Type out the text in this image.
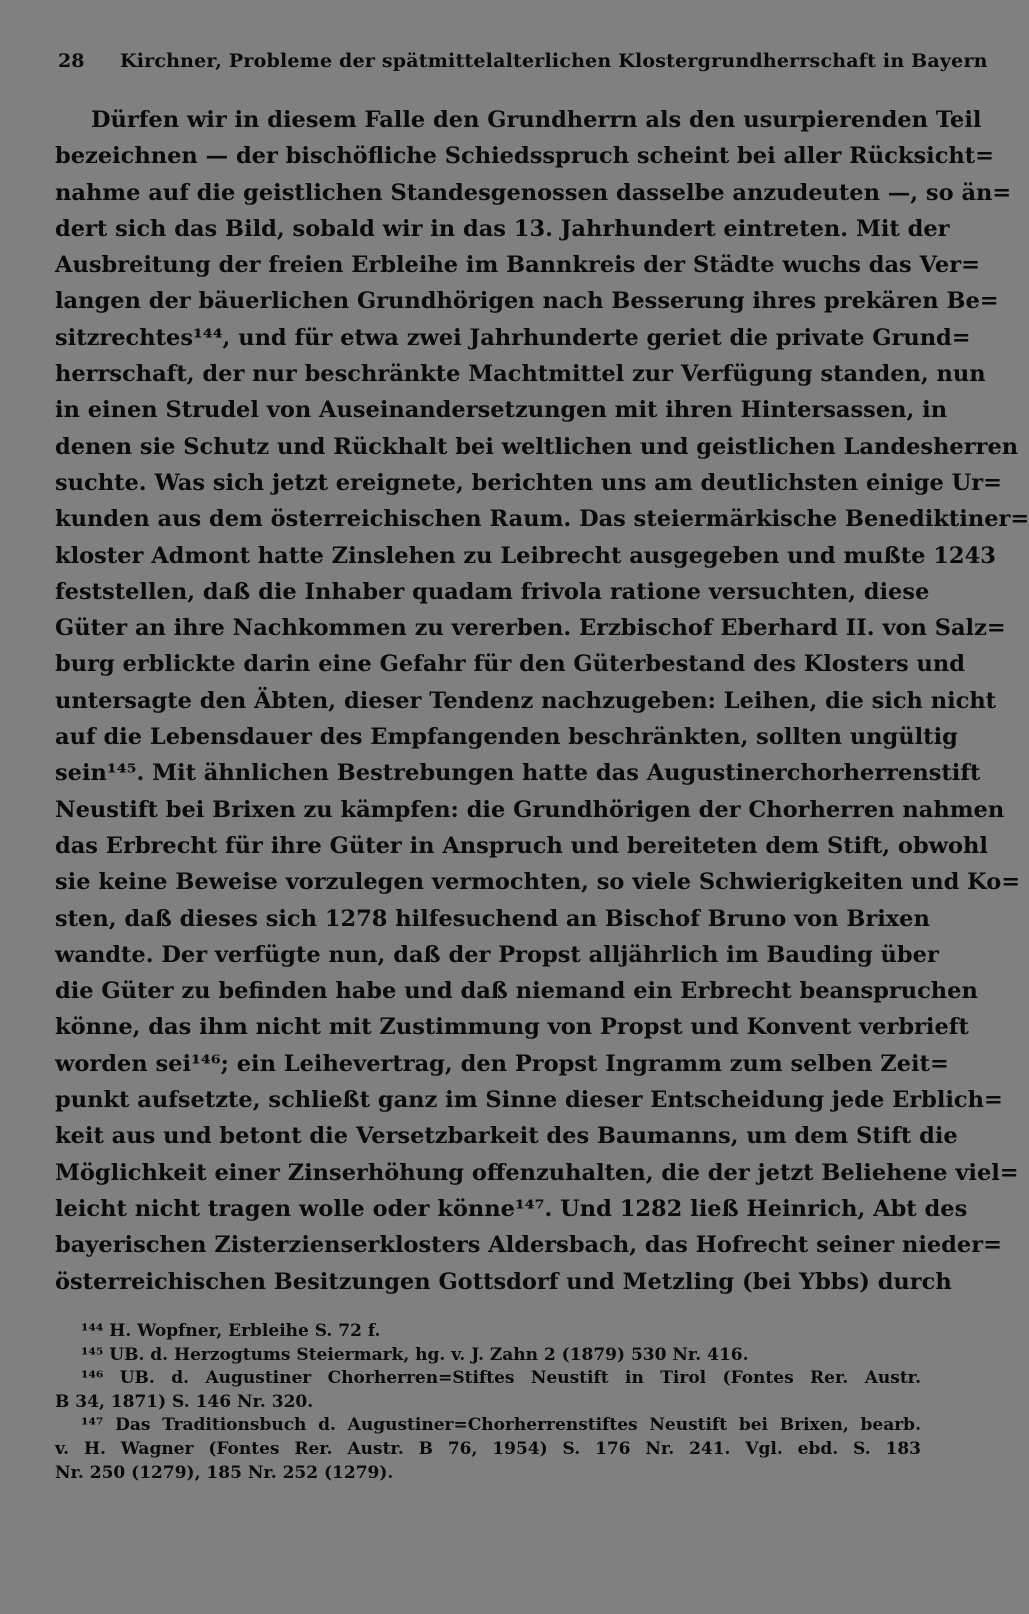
28 Kirchner, Probleme der spätmittelalterlichen Klostergrundherrschaft in Bayern
Dürfen wir in diesem Falle den Grundherrn als den usurpierenden Teil
bezeichnen — der bischöfliche Schiedsspruch scheint bei aller Rücksicht=
nahme auf die geistlichen Standesgenossen dasselbe anzudeuten —, so än=
dert sich das Bild, sobald wir in das 13. Jahrhundert eintreten. Mit der
Ausbreitung der freien Erbleihe im Bannkreis der Städte wuchs das Ver=
langen der bäuerlichen Grundhörigen nach Besserung ihres prekären Be=
sitzrechtes¹⁴⁴, und für etwa zwei Jahrhunderte geriet die private Grund=
herrschaft, der nur beschränkte Machtmittel zur Verfügung standen, nun
in einen Strudel von Auseinandersetzungen mit ihren Hintersassen, in
denen sie Schutz und Rückhalt bei weltlichen und geistlichen Landesherren
suchte. Was sich jetzt ereignete, berichten uns am deutlichsten einige Ur=
kunden aus dem österreichischen Raum. Das steiermärkische Benediktiner=
kloster Admont hatte Zinslehen zu Leibrecht ausgegeben und mußte 1243
feststellen, daß die Inhaber quadam frivola ratione versuchten, diese
Güter an ihre Nachkommen zu vererben. Erzbischof Eberhard II. von Salz=
burg erblickte darin eine Gefahr für den Güterbestand des Klosters und
untersagte den Äbten, dieser Tendenz nachzugeben: Leihen, die sich nicht
auf die Lebensdauer des Empfangenden beschränkten, sollten ungültig
sein¹⁴⁵. Mit ähnlichen Bestrebungen hatte das Augustinerchorherrenstift
Neustift bei Brixen zu kämpfen: die Grundhörigen der Chorherren nahmen
das Erbrecht für ihre Güter in Anspruch und bereiteten dem Stift, obwohl
sie keine Beweise vorzulegen vermochten, so viele Schwierigkeiten und Ko=
sten, daß dieses sich 1278 hilfesuchend an Bischof Bruno von Brixen
wandte. Der verfügte nun, daß der Propst alljährlich im Bauding über
die Güter zu befinden habe und daß niemand ein Erbrecht beanspruchen
könne, das ihm nicht mit Zustimmung von Propst und Konvent verbrieft
worden sei¹⁴⁶; ein Leihevertrag, den Propst Ingramm zum selben Zeit=
punkt aufsetzte, schließt ganz im Sinne dieser Entscheidung jede Erblich=
keit aus und betont die Versetzbarkeit des Baumanns, um dem Stift die
Möglichkeit einer Zinserhöhung offenzuhalten, die der jetzt Beliehene viel=
leicht nicht tragen wolle oder könne¹⁴⁷. Und 1282 ließ Heinrich, Abt des
bayerischen Zisterzienserklosters Aldersbach, das Hofrecht seiner nieder=
österreichischen Besitzungen Gottsdorf und Metzling (bei Ybbs) durch
¹⁴⁴ H. Wopfner, Erbleihe S. 72 f.
¹⁴⁵ UB. d. Herzogtums Steiermark, hg. v. J. Zahn 2 (1879) 530 Nr. 416.
¹⁴⁶ UB. d. Augustiner Chorherren=Stiftes Neustift in Tirol (Fontes Rer. Austr.
B 34, 1871) S. 146 Nr. 320.
¹⁴⁷ Das Traditionsbuch d. Augustiner=Chorherrenstiftes Neustift bei Brixen, bearb.
v. H. Wagner (Fontes Rer. Austr. B 76, 1954) S. 176 Nr. 241. Vgl. ebd. S. 183
Nr. 250 (1279), 185 Nr. 252 (1279).
